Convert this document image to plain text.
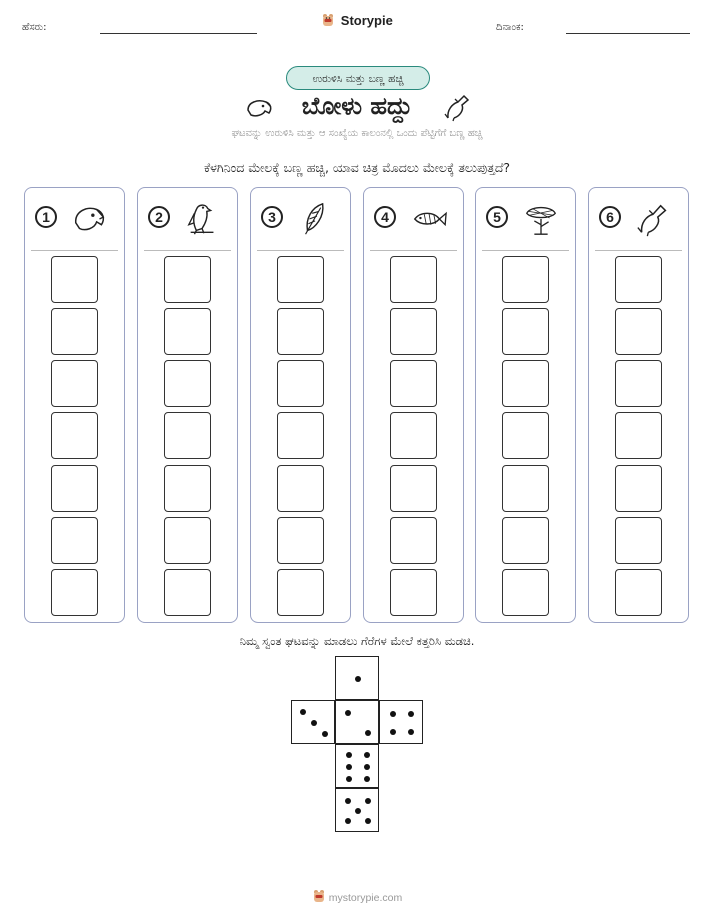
ಹೆಸರು:	Storypie	ದಿನಾಂಕ:
ಉರುಳಿಸಿ ಮತ್ತು ಬಣ್ಣ ಹಚ್ಚಿ
ಬೋಳು ಹದ್ದು
ಘಟವನ್ನು ಉರುಳಿಸಿ ಮತ್ತು ಆ ಸಂಖ್ಯೆಯ ಕಾಲಂನಲ್ಲಿ ಒಂದು ಪೆಟ್ಟಿಗೆಗೆ ಬಣ್ಣ ಹಚ್ಚಿ
ಕೆಳಗಿನಿಂದ ಮೇಲಕ್ಕೆ ಬಣ್ಣ ಹಚ್ಚಿ, ಯಾವ ಚಿತ್ರ ಮೊದಲು ಮೇಲಕ್ಕೆ ತಲುಪುತ್ತದೆ?
1	2	3	4	5	6
ನಿಮ್ಮ ಸ್ವಂತ ಘಟವನ್ನು ಮಾಡಲು ಗೆರೆಗಳ ಮೇಲೆ ಕತ್ತರಿಸಿ ಮಡಚಿ.
mystorypie.com
